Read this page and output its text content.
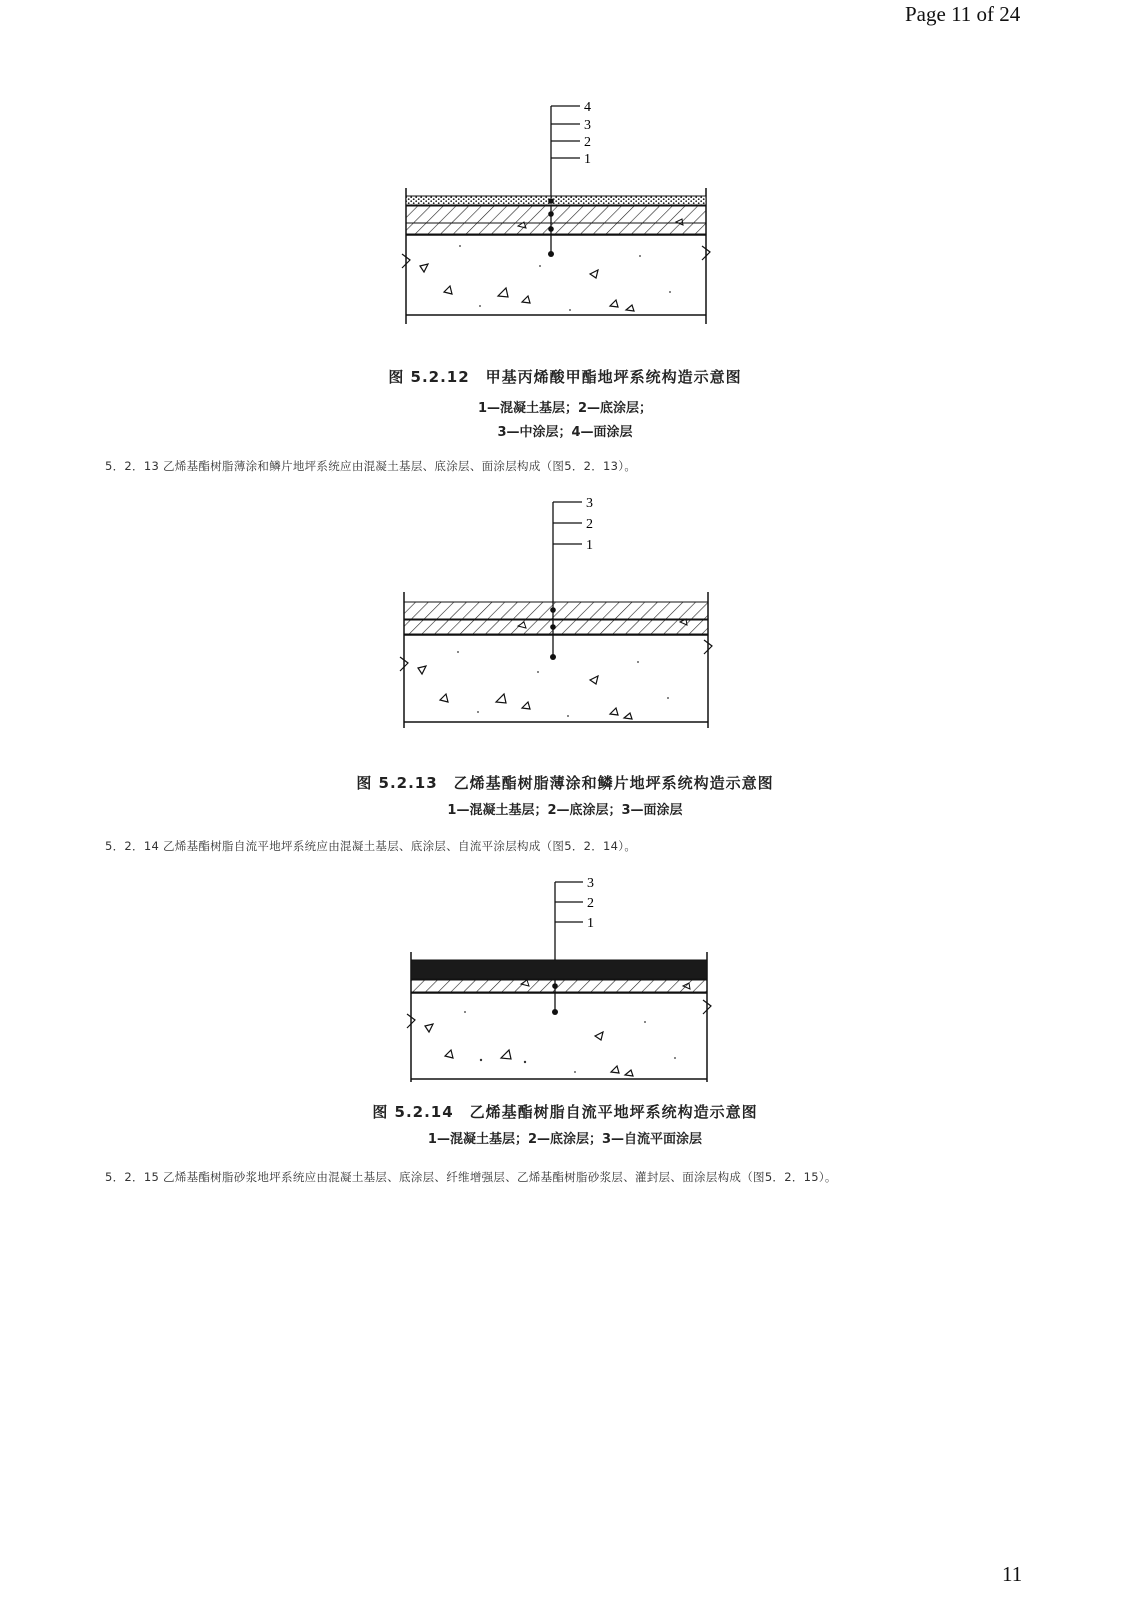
Page 11 of 24
4
3
2
1
图 5.2.12　甲基丙烯酸甲酯地坪系统构造示意图
1—混凝土基层；2—底涂层；
3—中涂层；4—面涂层
5．2．13 乙烯基酯树脂薄涂和鳞片地坪系统应由混凝土基层、底涂层、面涂层构成（图5．2．13）。
3
2
1
图 5.2.13　乙烯基酯树脂薄涂和鳞片地坪系统构造示意图
1—混凝土基层；2—底涂层；3—面涂层
5．2．14 乙烯基酯树脂自流平地坪系统应由混凝土基层、底涂层、自流平涂层构成（图5．2．14）。
3
2
1
图 5.2.14　乙烯基酯树脂自流平地坪系统构造示意图
1—混凝土基层；2—底涂层；3—自流平面涂层
5．2．15 乙烯基酯树脂砂浆地坪系统应由混凝土基层、底涂层、纤维增强层、乙烯基酯树脂砂浆层、灌封层、面涂层构成（图5．2．15）。
11
